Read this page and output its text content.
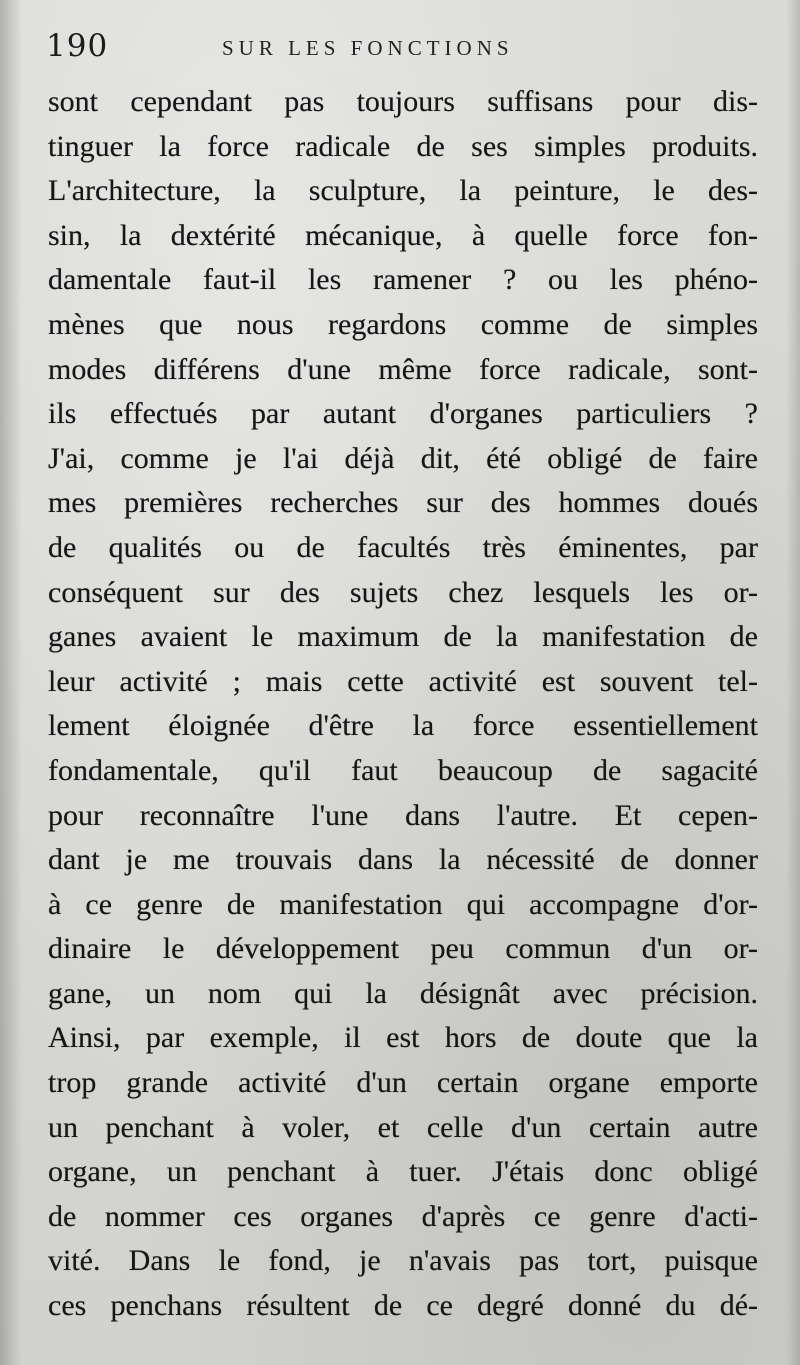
190	SUR LES FONCTIONS
sont cependant pas toujours suffisans pour dis-
tinguer la force radicale de ses simples produits.
L'architecture, la sculpture, la peinture, le des-
sin, la dextérité mécanique, à quelle force fon-
damentale faut-il les ramener ? ou les phéno-
mènes que nous regardons comme de simples
modes différens d'une même force radicale, sont-
ils effectués par autant d'organes particuliers ?
J'ai, comme je l'ai déjà dit, été obligé de faire
mes premières recherches sur des hommes doués
de qualités ou de facultés très éminentes, par
conséquent sur des sujets chez lesquels les or-
ganes avaient le maximum de la manifestation de
leur activité ; mais cette activité est souvent tel-
lement éloignée d'être la force essentiellement
fondamentale, qu'il faut beaucoup de sagacité
pour reconnaître l'une dans l'autre. Et cepen-
dant je me trouvais dans la nécessité de donner
à ce genre de manifestation qui accompagne d'or-
dinaire le développement peu commun d'un or-
gane, un nom qui la désignât avec précision.
Ainsi, par exemple, il est hors de doute que la
trop grande activité d'un certain organe emporte
un penchant à voler, et celle d'un certain autre
organe, un penchant à tuer. J'étais donc obligé
de nommer ces organes d'après ce genre d'acti-
vité. Dans le fond, je n'avais pas tort, puisque
ces penchans résultent de ce degré donné du dé-
